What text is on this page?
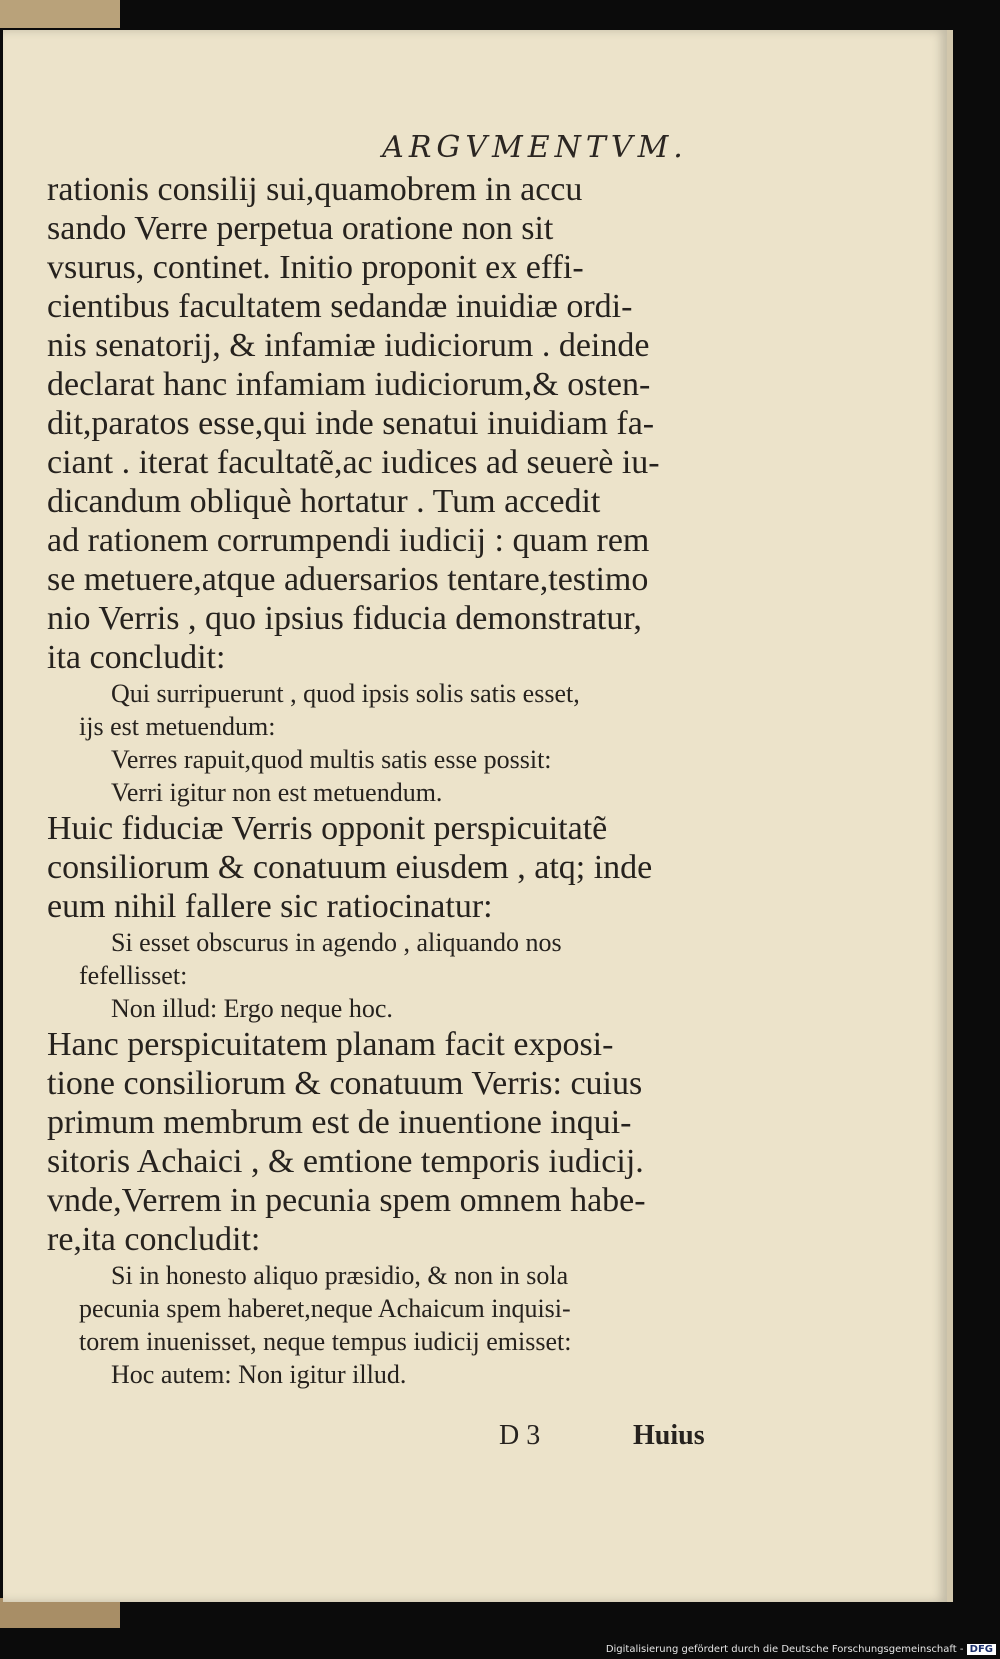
ARGVMENTVM.
rationis consilij sui,quamobrem in accu
sando Verre perpetua oratione non sit
vsurus, continet. Initio proponit ex effi-
cientibus facultatem sedandæ inuidiæ ordi-
nis senatorij, & infamiæ iudiciorum . deinde
declarat hanc infamiam iudiciorum,& osten-
dit,paratos esse,qui inde senatui inuidiam fa-
ciant . iterat facultatẽ,ac iudices ad seuerè iu-
dicandum obliquè hortatur . Tum accedit
ad rationem corrumpendi iudicij : quam rem
se metuere,atque aduersarios tentare,testimo
nio Verris , quo ipsius fiducia demonstratur,
ita concludit:
Qui surripuerunt , quod ipsis solis satis esset,
ijs est metuendum:
Verres rapuit,quod multis satis esse possit:
Verri igitur non est metuendum.
Huic fiduciæ Verris opponit perspicuitatẽ
consiliorum & conatuum eiusdem , atq; inde
eum nihil fallere sic ratiocinatur:
Si esset obscurus in agendo , aliquando nos
fefellisset:
Non illud: Ergo neque hoc.
Hanc perspicuitatem planam facit exposi-
tione consiliorum & conatuum Verris: cuius
primum membrum est de inuentione inqui-
sitoris Achaici , & emtione temporis iudicij.
vnde,Verrem in pecunia spem omnem habe-
re,ita concludit:
Si in honesto aliquo præsidio, & non in sola
pecunia spem haberet,neque Achaicum inquisi-
torem inuenisset, neque tempus iudicij emisset:
Hoc autem: Non igitur illud.
D 3	Huius
Digitalisierung gefördert durch die Deutsche Forschungsgemeinschaft - DFG
